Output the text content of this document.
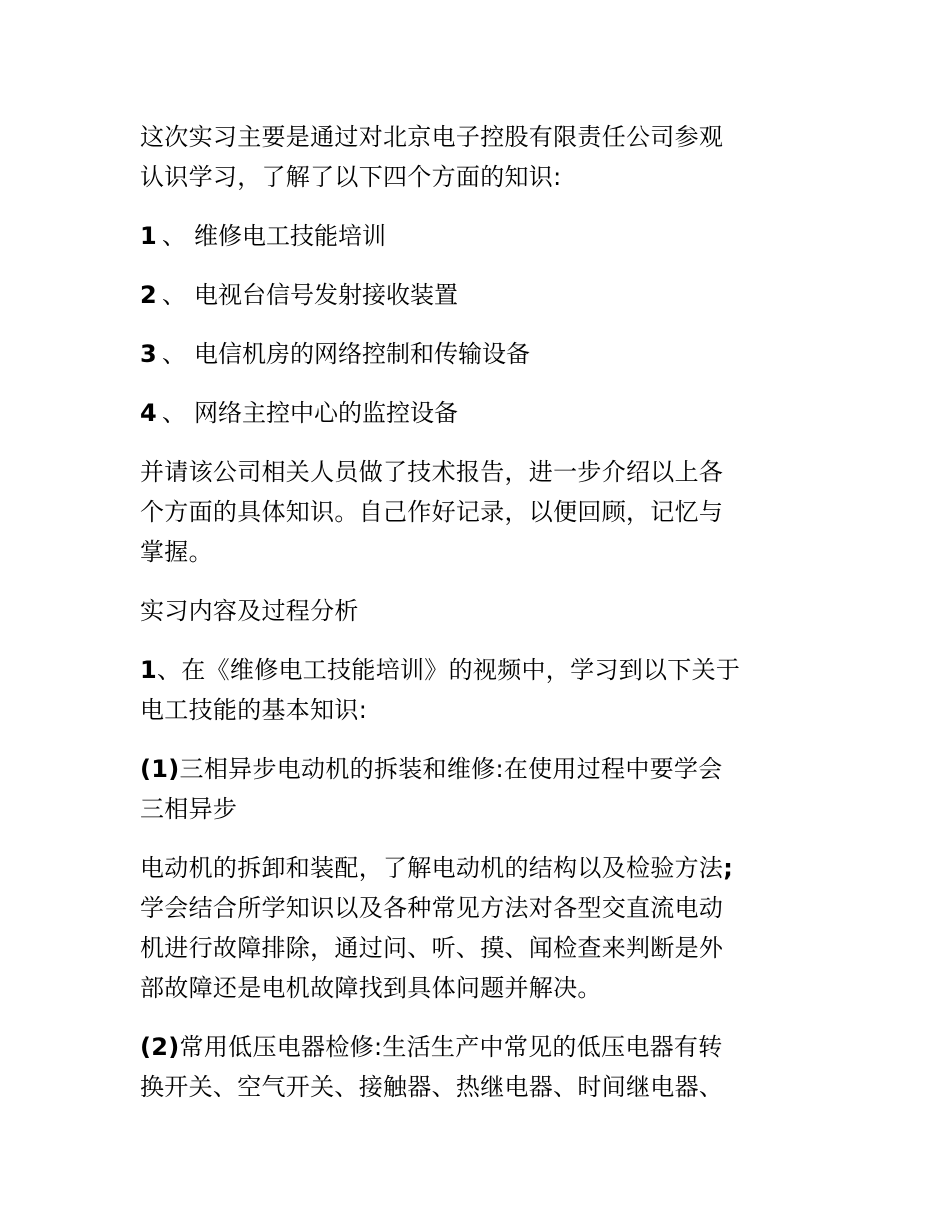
这次实习主要是通过对北京电子控股有限责任公司参观
认识学习，了解了以下四个方面的知识:

1 、 维修电工技能培训
2 、 电视台信号发射接收装置
3 、 电信机房的网络控制和传输设备
4 、 网络主控中心的监控设备

并请该公司相关人员做了技术报告，进一步介绍以上各
个方面的具体知识。自己作好记录，以便回顾，记忆与
掌握。

实习内容及过程分析

1、在《维修电工技能培训》的视频中，学习到以下关于
电工技能的基本知识:

(1)三相异步电动机的拆装和维修:在使用过程中要学会
三相异步

电动机的拆卸和装配，了解电动机的结构以及检验方法;
学会结合所学知识以及各种常见方法对各型交直流电动
机进行故障排除，通过问、听、摸、闻检查来判断是外
部故障还是电机故障找到具体问题并解决。

(2)常用低压电器检修:生活生产中常见的低压电器有转
换开关、空气开关、接触器、热继电器、时间继电器、
